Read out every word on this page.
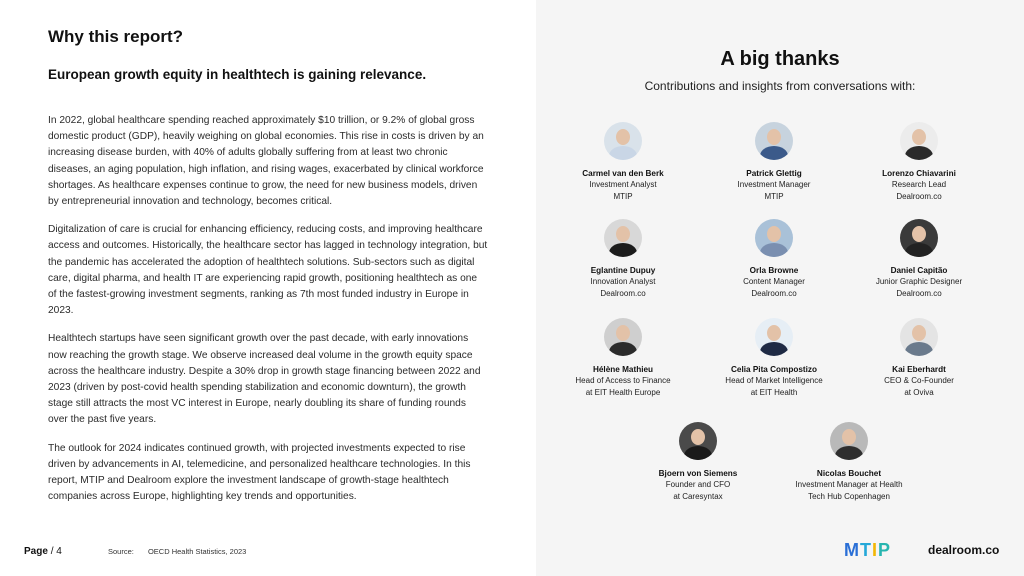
Why this report?
European growth equity in healthtech is gaining relevance.

In 2022, global healthcare spending reached approximately $10 trillion, or 9.2% of global gross domestic product (GDP), heavily weighing on global economies. This rise in costs is driven by an increasing disease burden, with 40% of adults globally suffering from at least two chronic diseases, an aging population, high inflation, and rising wages, exacerbated by clinical workforce shortages. As healthcare expenses continue to grow, the need for new business models, driven by entrepreneurial innovation and technology, becomes critical.

Digitalization of care is crucial for enhancing efficiency, reducing costs, and improving healthcare access and outcomes. Historically, the healthcare sector has lagged in technology integration, but the pandemic has accelerated the adoption of healthtech solutions. Sub-sectors such as digital care, digital pharma, and health IT are experiencing rapid growth, positioning healthtech as one of the fastest-growing investment segments, ranking as 7th most funded industry in Europe in 2023.

Healthtech startups have seen significant growth over the past decade, with early innovations now reaching the growth stage. We observe increased deal volume in the growth equity space across the healthcare industry. Despite a 30% drop in growth stage financing between 2022 and 2023 (driven by post-covid health spending stabilization and economic downturn), the growth stage still attracts the most VC interest in Europe, nearly doubling its share of funding rounds over the past five years.

The outlook for 2024 indicates continued growth, with projected investments expected to rise driven by advancements in AI, telemedicine, and personalized healthcare technologies. In this report, MTIP and Dealroom explore the investment landscape of growth-stage healthtech companies across Europe, highlighting key trends and opportunities.

Page / 4	Source: OECD Health Statistics, 2023
A big thanks
Contributions and insights from conversations with:
Carmel van den Berk
Investment Analyst
MTIP
Patrick Glettig
Investment Manager
MTIP
Lorenzo Chiavarini
Research Lead
Dealroom.co
Eglantine Dupuy
Innovation Analyst
Dealroom.co
Orla Browne
Content Manager
Dealroom.co
Daniel Capitão
Junior Graphic Designer
Dealroom.co
Hélène Mathieu
Head of Access to Finance
at EIT Health Europe
Celia Pita Compostizo
Head of Market Intelligence
at EIT Health
Kai Eberhardt
CEO & Co-Founder
at Oviva
Bjoern von Siemens
Founder and CFO
at Caresyntax
Nicolas Bouchet
Investment Manager at Health
Tech Hub Copenhagen
MTIP	dealroom.co
